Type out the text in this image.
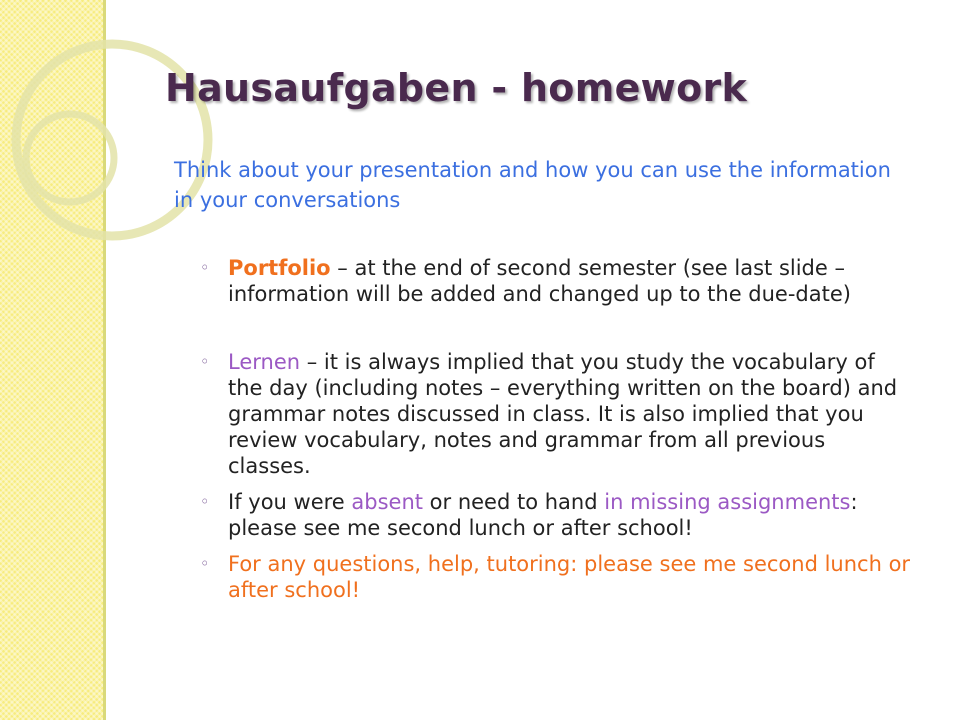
Hausaufgaben - homework

Think about your presentation and how you can use the information in your conversations

◦ Portfolio – at the end of second semester (see last slide – information will be added and changed up to the due-date)
◦ Lernen – it is always implied that you study the vocabulary of the day (including notes – everything written on the board) and grammar notes discussed in class. It is also implied that you review vocabulary, notes and grammar from all previous classes.
◦ If you were absent or need to hand in missing assignments: please see me second lunch or after school!
◦ For any questions, help, tutoring: please see me second lunch or after school!
